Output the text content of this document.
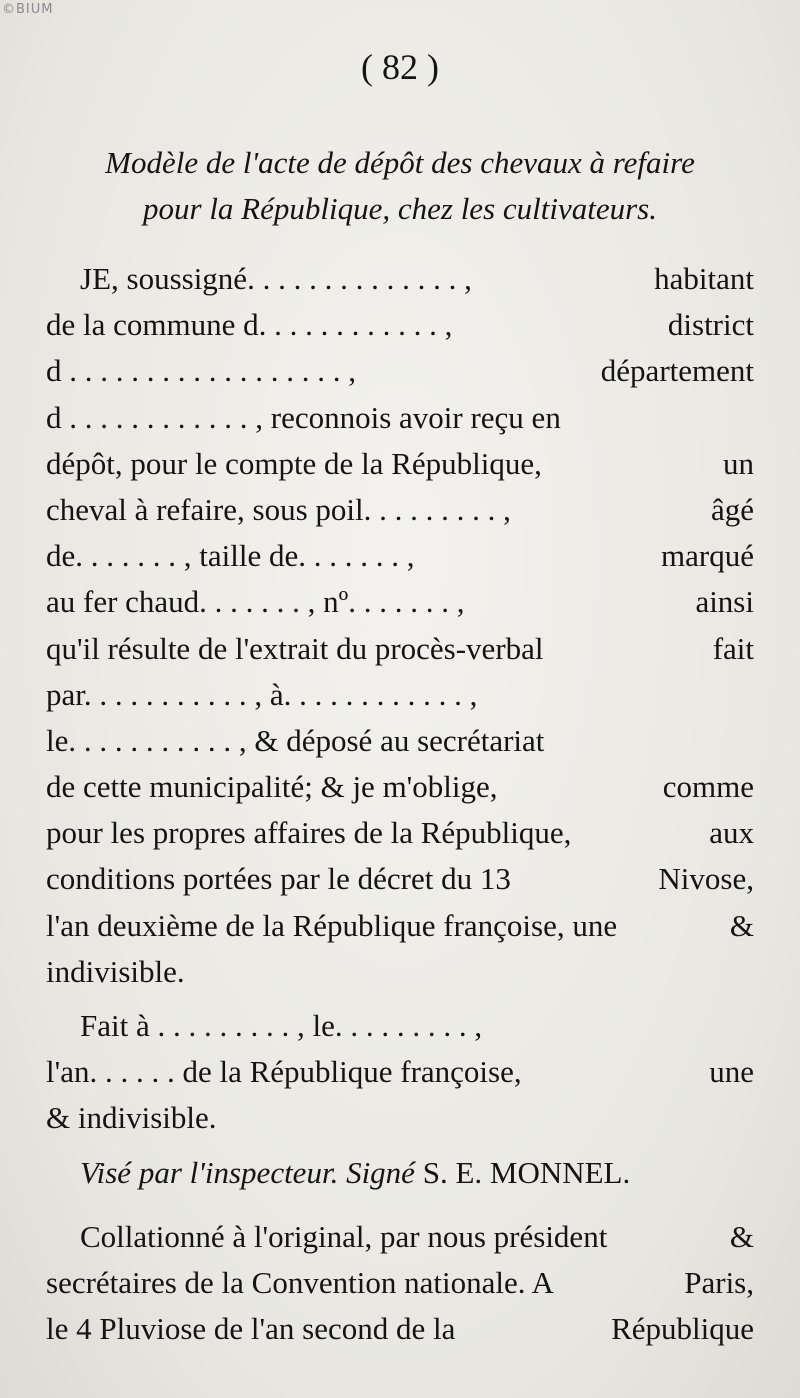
©BIUM
( 82 )
Modèle de l'acte de dépôt des chevaux à refaire
pour la République, chez les cultivateurs.
JE, soussigné. . . . . . . . . . . . . . ,	habitant
de la commune d. . . . . . . . . . . . ,	district
d . . . . . . . . . . . . . . . . . . ,	département
d . . . . . . . . . . . . , reconnois avoir reçu en
dépôt, pour le compte de la République,	un
cheval à refaire, sous poil. . . . . . . . . ,	âgé
de. . . . . . . , taille de. . . . . . . ,	marqué
au fer chaud. . . . . . . , nº. . . . . . . ,	ainsi
qu'il résulte de l'extrait du procès-verbal	fait
par. . . . . . . . . . . , à. . . . . . . . . . . . ,
le. . . . . . . . . . . , & déposé au secrétariat
de cette municipalité; & je m'oblige,	comme
pour les propres affaires de la République,	aux
conditions portées par le décret du 13	Nivose,
l'an deuxième de la République françoise, une	&
indivisible.
Fait à . . . . . . . . . , le. . . . . . . . . ,
l'an. . . . . . de la République françoise,	une
& indivisible.
Visé par l'inspecteur. Signé
S. E. MONNEL.
Collationné à l'original, par nous président	&
secrétaires de la Convention nationale. A	Paris,
le 4 Pluviose de l'an second de la	République
